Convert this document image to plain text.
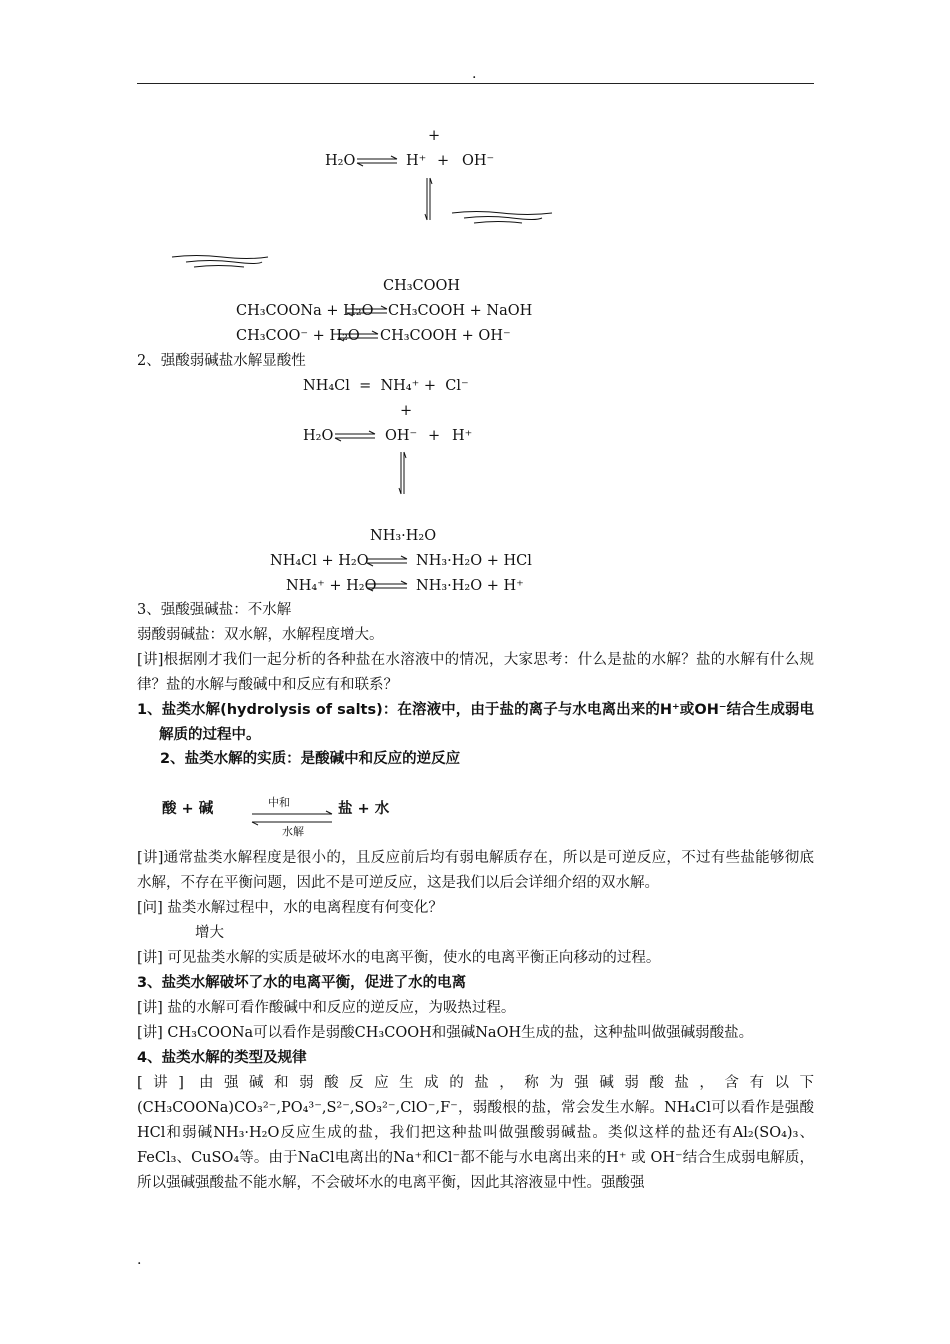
.
+
H₂O ⇌ H⁺ + OH⁻
CH₃COOH
CH₃COONa + H₂O CH₃COOH + NaOH
CH₃COO⁻ + H₂O CH₃COOH + OH⁻
2、强酸弱碱盐水解显酸性
NH₄Cl  =  NH₄⁺ +  Cl⁻
+
H₂O ⇌ OH⁻ + H⁺
NH₃·H₂O
NH₄Cl + H₂O ⇌ NH₃·H₂O + HCl
NH₄⁺ + H₂O ⇌ NH₃·H₂O + H⁺
3、强酸强碱盐：不水解
弱酸弱碱盐：双水解，水解程度增大。
[讲]根据刚才我们一起分析的各种盐在水溶液中的情况，大家思考：什么是盐的水解？盐的水解有什么规律？盐的水解与酸碱中和反应有和联系？
1、盐类水解(hydrolysis of salts)：在溶液中，由于盐的离子与水电离出来的H⁺或OH⁻结合生成弱电解质的过程中。
2、盐类水解的实质：是酸碱中和反应的逆反应
酸 + 碱	中和
水解
盐 + 水
[讲]通常盐类水解程度是很小的，且反应前后均有弱电解质存在，所以是可逆反应，不过有些盐能够彻底水解，不存在平衡问题，因此不是可逆反应，这是我们以后会详细介绍的双水解。
[问] 盐类水解过程中，水的电离程度有何变化？
增大
[讲] 可见盐类水解的实质是破坏水的电离平衡，使水的电离平衡正向移动的过程。
3、盐类水解破坏了水的电离平衡，促进了水的电离
[讲] 盐的水解可看作酸碱中和反应的逆反应，为吸热过程。
[讲] CH₃COONa可以看作是弱酸CH₃COOH和强碱NaOH生成的盐，这种盐叫做强碱弱酸盐。
4、盐类水解的类型及规律
[讲] 由强碱和弱酸反应生成的盐，称为强碱弱酸盐，含有以下(CH₃COONa)CO₃²⁻,PO₄³⁻,S²⁻,SO₃²⁻,ClO⁻,F⁻，弱酸根的盐，常会发生水解。NH₄Cl可以看作是强酸HCl和弱碱NH₃·H₂O反应生成的盐，我们把这种盐叫做强酸弱碱盐。类似这样的盐还有Al₂(SO₄)₃、FeCl₃、CuSO₄等。由于NaCl电离出的Na⁺和Cl⁻都不能与水电离出来的H⁺ 或 OH⁻结合生成弱电解质，所以强碱强酸盐不能水解，不会破坏水的电离平衡，因此其溶液显中性。强酸强
.
